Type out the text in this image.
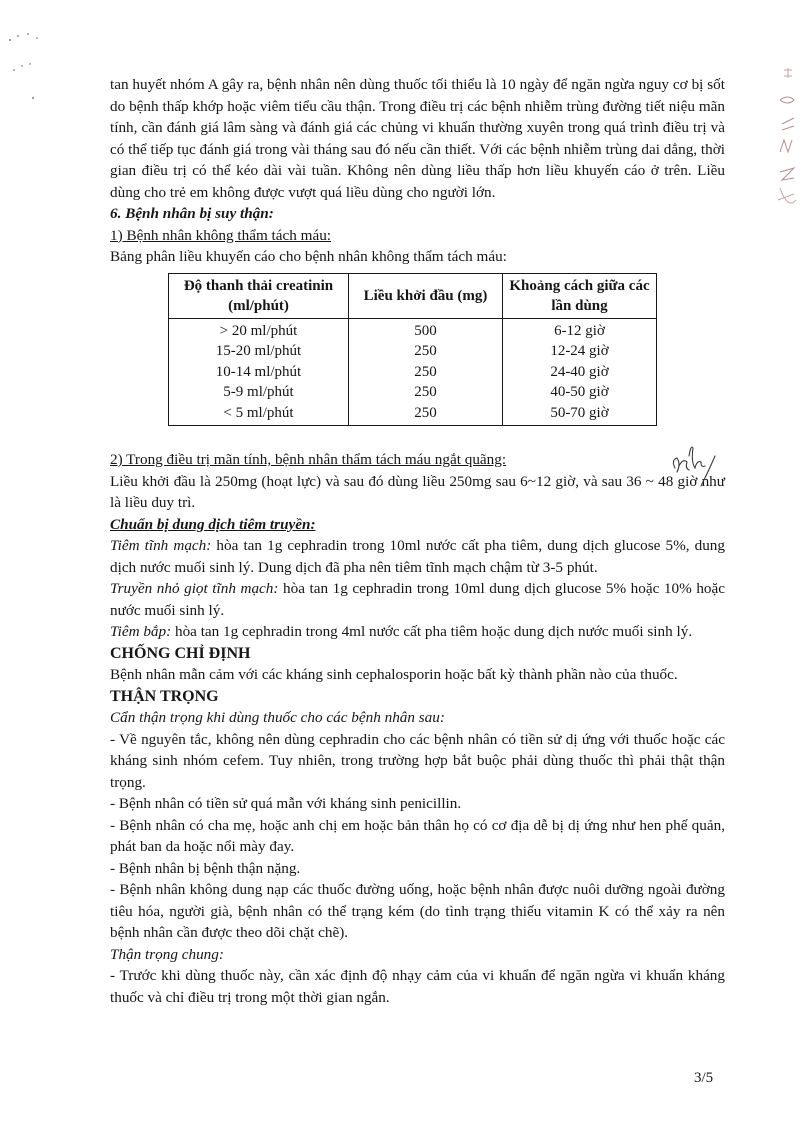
tan huyết nhóm A gây ra, bệnh nhân nên dùng thuốc tối thiểu là 10 ngày để ngăn ngừa nguy cơ bị sốt do bệnh thấp khớp hoặc viêm tiểu cầu thận. Trong điều trị các bệnh nhiễm trùng đường tiết niệu mãn tính, cần đánh giá lâm sàng và đánh giá các chủng vi khuẩn thường xuyên trong quá trình điều trị và có thể tiếp tục đánh giá trong vài tháng sau đó nếu cần thiết. Với các bệnh nhiễm trùng dai dẳng, thời gian điều trị có thể kéo dài vài tuần. Không nên dùng liều thấp hơn liều khuyến cáo ở trên. Liều dùng cho trẻ em không được vượt quá liều dùng cho người lớn.

6. Bệnh nhân bị suy thận:

1) Bệnh nhân không thẩm tách máu:

Bảng phân liều khuyến cáo cho bệnh nhân không thẩm tách máu:

Độ thanh thải creatinin (ml/phút)	Liều khởi đầu (mg)	Khoảng cách giữa các lần dùng
> 20 ml/phút	500	6-12 giờ
15-20 ml/phút	250	12-24 giờ
10-14 ml/phút	250	24-40 giờ
5-9 ml/phút	250	40-50 giờ
< 5 ml/phút	250	50-70 giờ

2) Trong điều trị mãn tính, bệnh nhân thẩm tách máu ngắt quãng:

Liều khởi đầu là 250mg (hoạt lực) và sau đó dùng liều 250mg sau 6~12 giờ, và sau 36 ~ 48 giờ như là liều duy trì.

Chuẩn bị dung dịch tiêm truyền:

Tiêm tĩnh mạch: hòa tan 1g cephradin trong 10ml nước cất pha tiêm, dung dịch glucose 5%, dung dịch nước muối sinh lý. Dung dịch đã pha nên tiêm tĩnh mạch chậm từ 3-5 phút.

Truyền nhỏ giọt tĩnh mạch: hòa tan 1g cephradin trong 10ml dung dịch glucose 5% hoặc 10% hoặc nước muối sinh lý.

Tiêm bắp: hòa tan 1g cephradin trong 4ml nước cất pha tiêm hoặc dung dịch nước muối sinh lý.

CHỐNG CHỈ ĐỊNH

Bệnh nhân mẫn cảm với các kháng sinh cephalosporin hoặc bất kỳ thành phần nào của thuốc.

THẬN TRỌNG

Cẩn thận trọng khi dùng thuốc cho các bệnh nhân sau:

- Về nguyên tắc, không nên dùng cephradin cho các bệnh nhân có tiền sử dị ứng với thuốc hoặc các kháng sinh nhóm cefem. Tuy nhiên, trong trường hợp bắt buộc phải dùng thuốc thì phải thật thận trọng.

- Bệnh nhân có tiền sử quá mẫn với kháng sinh penicillin.

- Bệnh nhân có cha mẹ, hoặc anh chị em hoặc bản thân họ có cơ địa dễ bị dị ứng như hen phế quản, phát ban da hoặc nổi mày đay.

- Bệnh nhân bị bệnh thận nặng.

- Bệnh nhân không dung nạp các thuốc đường uống, hoặc bệnh nhân được nuôi dưỡng ngoài đường tiêu hóa, người già, bệnh nhân có thể trạng kém (do tình trạng thiếu vitamin K có thể xảy ra nên bệnh nhân cần được theo dõi chặt chẽ).

Thận trọng chung:

- Trước khi dùng thuốc này, cần xác định độ nhạy cảm của vi khuẩn để ngăn ngừa vi khuẩn kháng thuốc và chỉ điều trị trong một thời gian ngắn.

3/5
